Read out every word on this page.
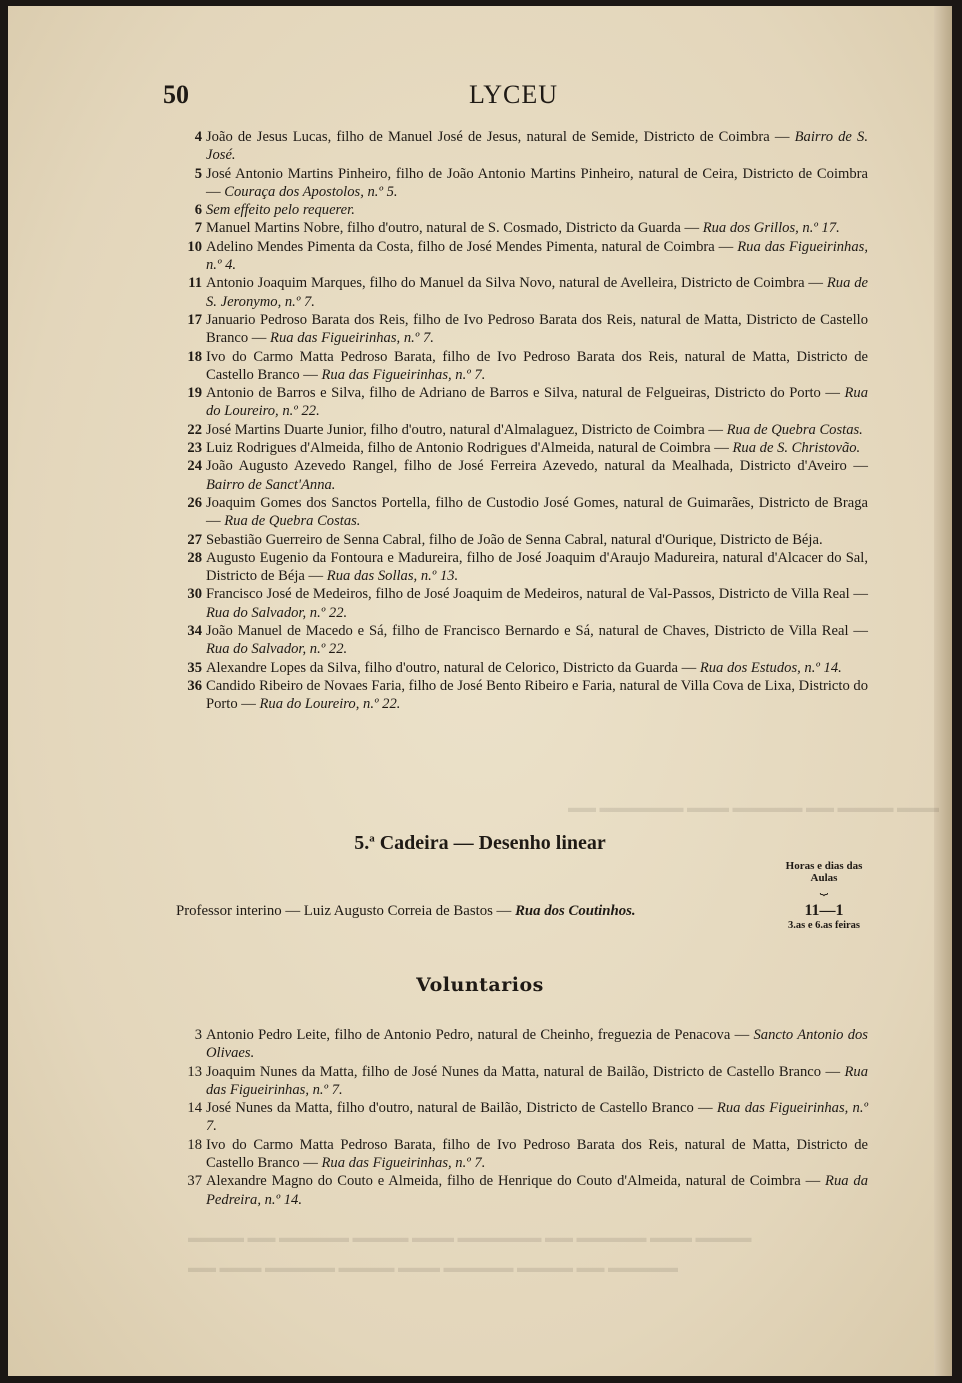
▬▬▬ ▬▬▬▬ ▬▬ ▬▬▬▬▬ ▬▬▬ ▬▬▬▬▬▬ ▬▬
▬▬▬▬ ▬▬▬ ▬▬▬▬▬ ▬▬ ▬▬▬▬▬▬ ▬▬▬ ▬▬▬▬ ▬▬▬▬▬ ▬▬ ▬▬▬▬
▬▬▬▬▬ ▬▬ ▬▬▬▬ ▬▬▬▬▬ ▬▬▬ ▬▬▬▬ ▬▬▬▬▬ ▬▬▬ ▬▬
50	LYCEU

4 João de Jesus Lucas, filho de Manuel José de Jesus, natural de Semide, Districto de Coimbra — Bairro de S. José.

5 José Antonio Martins Pinheiro, filho de João Antonio Martins Pinheiro, natural de Ceira, Districto de Coimbra — Couraça dos Apostolos, n.º 5.

6 Sem effeito pelo requerer.

7 Manuel Martins Nobre, filho d'outro, natural de S. Cosmado, Districto da Guarda — Rua dos Grillos, n.º 17.

10 Adelino Mendes Pimenta da Costa, filho de José Mendes Pimenta, natural de Coimbra — Rua das Figueirinhas, n.º 4.

11 Antonio Joaquim Marques, filho do Manuel da Silva Novo, natural de Avelleira, Districto de Coimbra — Rua de S. Jeronymo, n.º 7.

17 Januario Pedroso Barata dos Reis, filho de Ivo Pedroso Barata dos Reis, natural de Matta, Districto de Castello Branco — Rua das Figueirinhas, n.º 7.

18 Ivo do Carmo Matta Pedroso Barata, filho de Ivo Pedroso Barata dos Reis, natural de Matta, Districto de Castello Branco — Rua das Figueirinhas, n.º 7.

19 Antonio de Barros e Silva, filho de Adriano de Barros e Silva, natural de Felgueiras, Districto do Porto — Rua do Loureiro, n.º 22.

22 José Martins Duarte Junior, filho d'outro, natural d'Almalaguez, Districto de Coimbra — Rua de Quebra Costas.

23 Luiz Rodrigues d'Almeida, filho de Antonio Rodrigues d'Almeida, natural de Coimbra — Rua de S. Christovão.

24 João Augusto Azevedo Rangel, filho de José Ferreira Azevedo, natural da Mealhada, Districto d'Aveiro — Bairro de Sanct'Anna.

26 Joaquim Gomes dos Sanctos Portella, filho de Custodio José Gomes, natural de Guimarães, Districto de Braga — Rua de Quebra Costas.

27 Sebastião Guerreiro de Senna Cabral, filho de João de Senna Cabral, natural d'Ourique, Districto de Béja.

28 Augusto Eugenio da Fontoura e Madureira, filho de José Joaquim d'Araujo Madureira, natural d'Alcacer do Sal, Districto de Béja — Rua das Sollas, n.º 13.

30 Francisco José de Medeiros, filho de José Joaquim de Medeiros, natural de Val-Passos, Districto de Villa Real — Rua do Salvador, n.º 22.

34 João Manuel de Macedo e Sá, filho de Francisco Bernardo e Sá, natural de Chaves, Districto de Villa Real — Rua do Salvador, n.º 22.

35 Alexandre Lopes da Silva, filho d'outro, natural de Celorico, Districto da Guarda — Rua dos Estudos, n.º 14.

36 Candido Ribeiro de Novaes Faria, filho de José Bento Ribeiro e Faria, natural de Villa Cova de Lixa, Districto do Porto — Rua do Loureiro, n.º 22.

5.$^a$ Cadeira — Desenho linear
Horas e dias das Aulas
⏟
11—1
3.as e 6.as feiras
Professor interino — Luiz Augusto Correia de Bastos — Rua dos Coutinhos.
Voluntarios

3 Antonio Pedro Leite, filho de Antonio Pedro, natural de Cheinho, freguezia de Penacova — Sancto Antonio dos Olivaes.

13 Joaquim Nunes da Matta, filho de José Nunes da Matta, natural de Bailão, Districto de Castello Branco — Rua das Figueirinhas, n.º 7.

14 José Nunes da Matta, filho d'outro, natural de Bailão, Districto de Castello Branco — Rua das Figueirinhas, n.º 7.

18 Ivo do Carmo Matta Pedroso Barata, filho de Ivo Pedroso Barata dos Reis, natural de Matta, Districto de Castello Branco — Rua das Figueirinhas, n.º 7.

37 Alexandre Magno do Couto e Almeida, filho de Henrique do Couto d'Almeida, natural de Coimbra — Rua da Pedreira, n.º 14.
